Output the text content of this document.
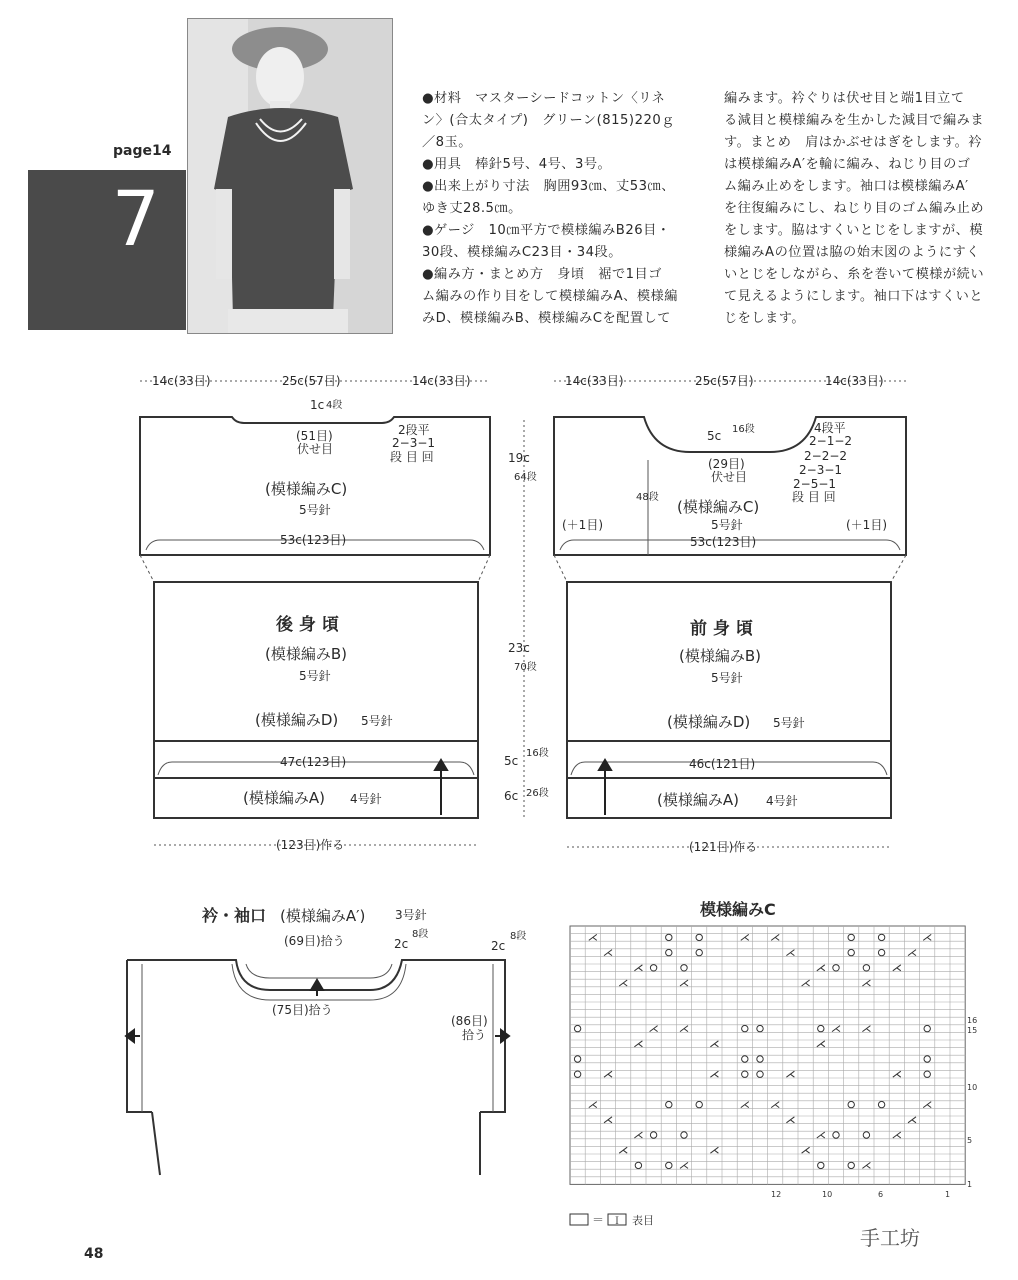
page14
7
●材料　マスターシードコットン〈リネ
ン〉(合太タイプ)　グリーン(815)220ｇ
／8玉。
●用具　棒針5号、4号、3号。
●出来上がり寸法　胸囲93㎝、丈53㎝、
ゆき丈28.5㎝。
●ゲージ　10㎝平方で模様編みB26目・
30段、模様編みC23目・34段。
●編み方・まとめ方　身頃　裾で1目ゴ
ム編みの作り目をして模様編みA、模様編
みD、模様編みB、模様編みCを配置して
編みます。衿ぐりは伏せ目と端1目立て
る減目と模様編みを生かした減目で編みま
す。まとめ　肩はかぶせはぎをします。衿
は模様編みA′を輪に編み、ねじり目のゴ
ム編み止めをします。袖口は模様編みA′
を往復編みにし、ねじり目のゴム編み止め
をします。脇はすくいとじをしますが、模
様編みAの位置は脇の始末図のようにすく
いとじをしながら、糸を巻いて模様が続い
て見えるようにします。袖口下はすくいと
じをします。
14c(33目)	25c(57目)	14c(33目)
1c 4段
(51目)
伏せ目
2段平
2−3−1
段 目 回
(模様編みC)
5号針
53c(123目)
後 身 頃
(模様編みB)
5号針
(模様編みD) 5号針
47c(123目)
(模様編みA) 4号針
(123目)作る
19c
64段
23c
70段
5c
16段
6c 26段
14c(33目)	25c(57目)	14c(33目)
5c 16段
(29目)
伏せ目
4段平
2−1−2
2−2−2
2−3−1
2−5−1
段 目 回
48段
(＋1目)	(＋1目)
(模様編みC)
5号針
53c(123目)
前 身 頃
(模様編みB)
5号針
(模様編みD) 5号針
46c(121目)
(模様編みA) 4号針
(121目)作る
衿・袖口 (模様編みA′) 3号針
(69目)拾う
(75目)拾う
2c
8段
2c
8段
(86目)
拾う
模様編みC
16
15
10
5
1
12	10	6	1
＝ Ｉ 表目
48
手工坊
